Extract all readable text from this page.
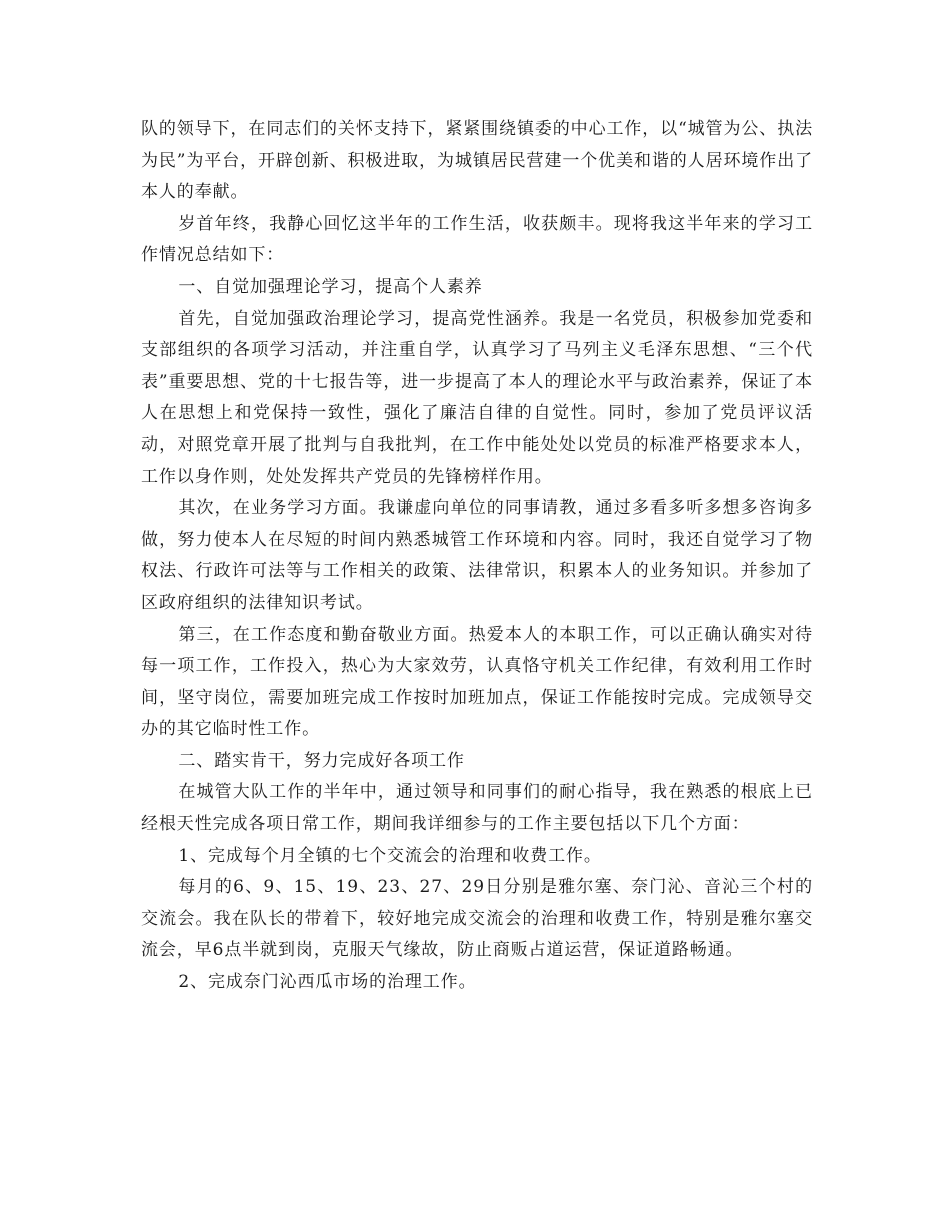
队的领导下，在同志们的关怀支持下，紧紧围绕镇委的中心工作，以“城管为公、执法为民”为平台，开辟创新、积极进取，为城镇居民营建一个优美和谐的人居环境作出了本人的奉献。

岁首年终，我静心回忆这半年的工作生活，收获颇丰。现将我这半年来的学习工作情况总结如下：

一、自觉加强理论学习，提高个人素养

首先，自觉加强政治理论学习，提高党性涵养。我是一名党员，积极参加党委和支部组织的各项学习活动，并注重自学，认真学习了马列主义毛泽东思想、“三个代表”重要思想、党的十七报告等，进一步提高了本人的理论水平与政治素养，保证了本人在思想上和党保持一致性，强化了廉洁自律的自觉性。同时，参加了党员评议活动，对照党章开展了批判与自我批判，在工作中能处处以党员的标准严格要求本人，工作以身作则，处处发挥共产党员的先锋榜样作用。

其次，在业务学习方面。我谦虚向单位的同事请教，通过多看多听多想多咨询多做，努力使本人在尽短的时间内熟悉城管工作环境和内容。同时，我还自觉学习了物权法、行政许可法等与工作相关的政策、法律常识，积累本人的业务知识。并参加了区政府组织的法律知识考试。

第三，在工作态度和勤奋敬业方面。热爱本人的本职工作，可以正确认确实对待每一项工作，工作投入，热心为大家效劳，认真恪守机关工作纪律，有效利用工作时间，坚守岗位，需要加班完成工作按时加班加点，保证工作能按时完成。完成领导交办的其它临时性工作。

二、踏实肯干，努力完成好各项工作

在城管大队工作的半年中，通过领导和同事们的耐心指导，我在熟悉的根底上已经根天性完成各项日常工作，期间我详细参与的工作主要包括以下几个方面：

1、完成每个月全镇的七个交流会的治理和收费工作。

每月的6、9、15、19、23、27、29日分别是雅尔塞、奈门沁、音沁三个村的交流会。我在队长的带着下，较好地完成交流会的治理和收费工作，特别是雅尔塞交流会，早6点半就到岗，克服天气缘故，防止商贩占道运营，保证道路畅通。

2、完成奈门沁西瓜市场的治理工作。
